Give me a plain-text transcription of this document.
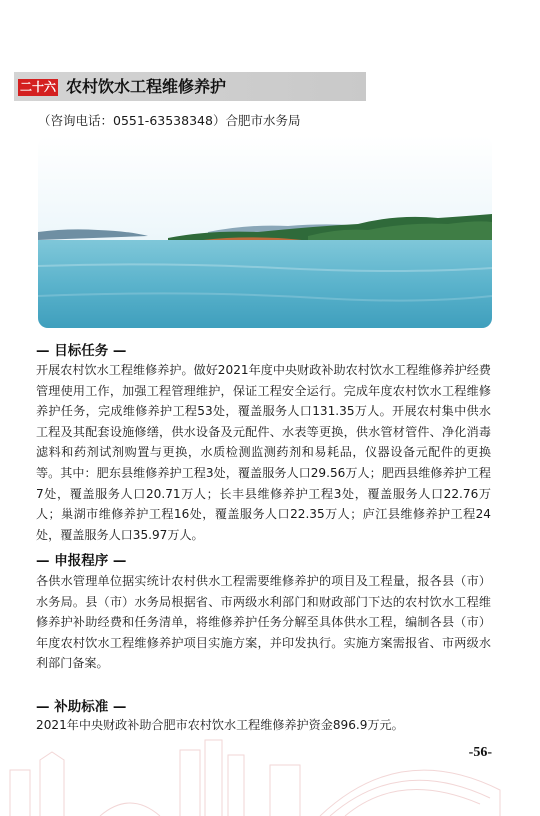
二十六 农村饮水工程维修养护
（咨询电话：0551-63538348）合肥市水务局
— 目标任务 —
开展农村饮水工程维修养护。做好2021年度中央财政补助农村饮水工程维修养护经费管理使用工作，加强工程管理维护，保证工程安全运行。完成年度农村饮水工程维修养护任务，完成维修养护工程53处，覆盖服务人口131.35万人。开展农村集中供水工程及其配套设施修缮，供水设备及元配件、水表等更换，供水管材管件、净化消毒滤料和药剂试剂购置与更换，水质检测监测药剂和易耗品，仪器设备元配件的更换等。其中：肥东县维修养护工程3处，覆盖服务人口29.56万人；肥西县维修养护工程7处，覆盖服务人口20.71万人；长丰县维修养护工程3处，覆盖服务人口22.76万人；巢湖市维修养护工程16处，覆盖服务人口22.35万人；庐江县维修养护工程24处，覆盖服务人口35.97万人。
— 申报程序 —
各供水管理单位据实统计农村供水工程需要维修养护的项目及工程量，报各县（市）水务局。县（市）水务局根据省、市两级水利部门和财政部门下达的农村饮水工程维修养护补助经费和任务清单，将维修养护任务分解至具体供水工程，编制各县（市）年度农村饮水工程维修养护项目实施方案，并印发执行。实施方案需报省、市两级水利部门备案。
— 补助标准 —
2021年中央财政补助合肥市农村饮水工程维修养护资金896.9万元。
-56-
